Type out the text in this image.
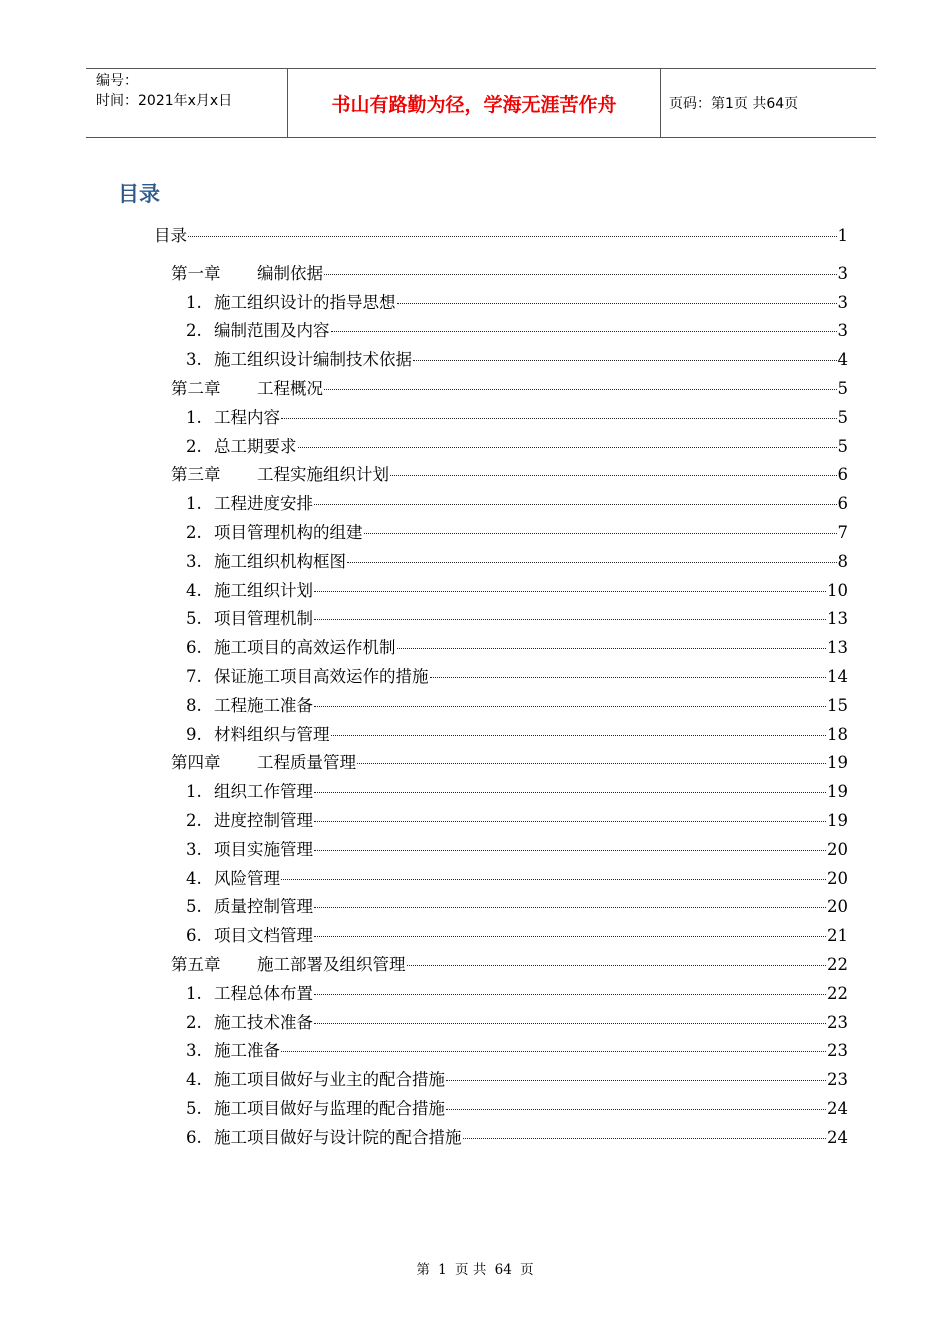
编号：
时间：2021年x月x日	书山有路勤为径，学海无涯苦作舟	页码：第1页 共64页
目录
目录	1
第一章 编制依据	3
1. 施工组织设计的指导思想	3
2. 编制范围及内容	3
3. 施工组织设计编制技术依据	4
第二章 工程概况	5
1. 工程内容	5
2. 总工期要求	5
第三章 工程实施组织计划	6
1. 工程进度安排	6
2. 项目管理机构的组建	7
3. 施工组织机构框图	8
4. 施工组织计划	10
5. 项目管理机制	13
6. 施工项目的高效运作机制	13
7. 保证施工项目高效运作的措施	14
8. 工程施工准备	15
9. 材料组织与管理	18
第四章 工程质量管理	19
1. 组织工作管理	19
2. 进度控制管理	19
3. 项目实施管理	20
4. 风险管理	20
5. 质量控制管理	20
6. 项目文档管理	21
第五章 施工部署及组织管理	22
1. 工程总体布置	22
2. 施工技术准备	23
3. 施工准备	23
4. 施工项目做好与业主的配合措施	23
5. 施工项目做好与监理的配合措施	24
6. 施工项目做好与设计院的配合措施	24
第 1 页 共 64 页
